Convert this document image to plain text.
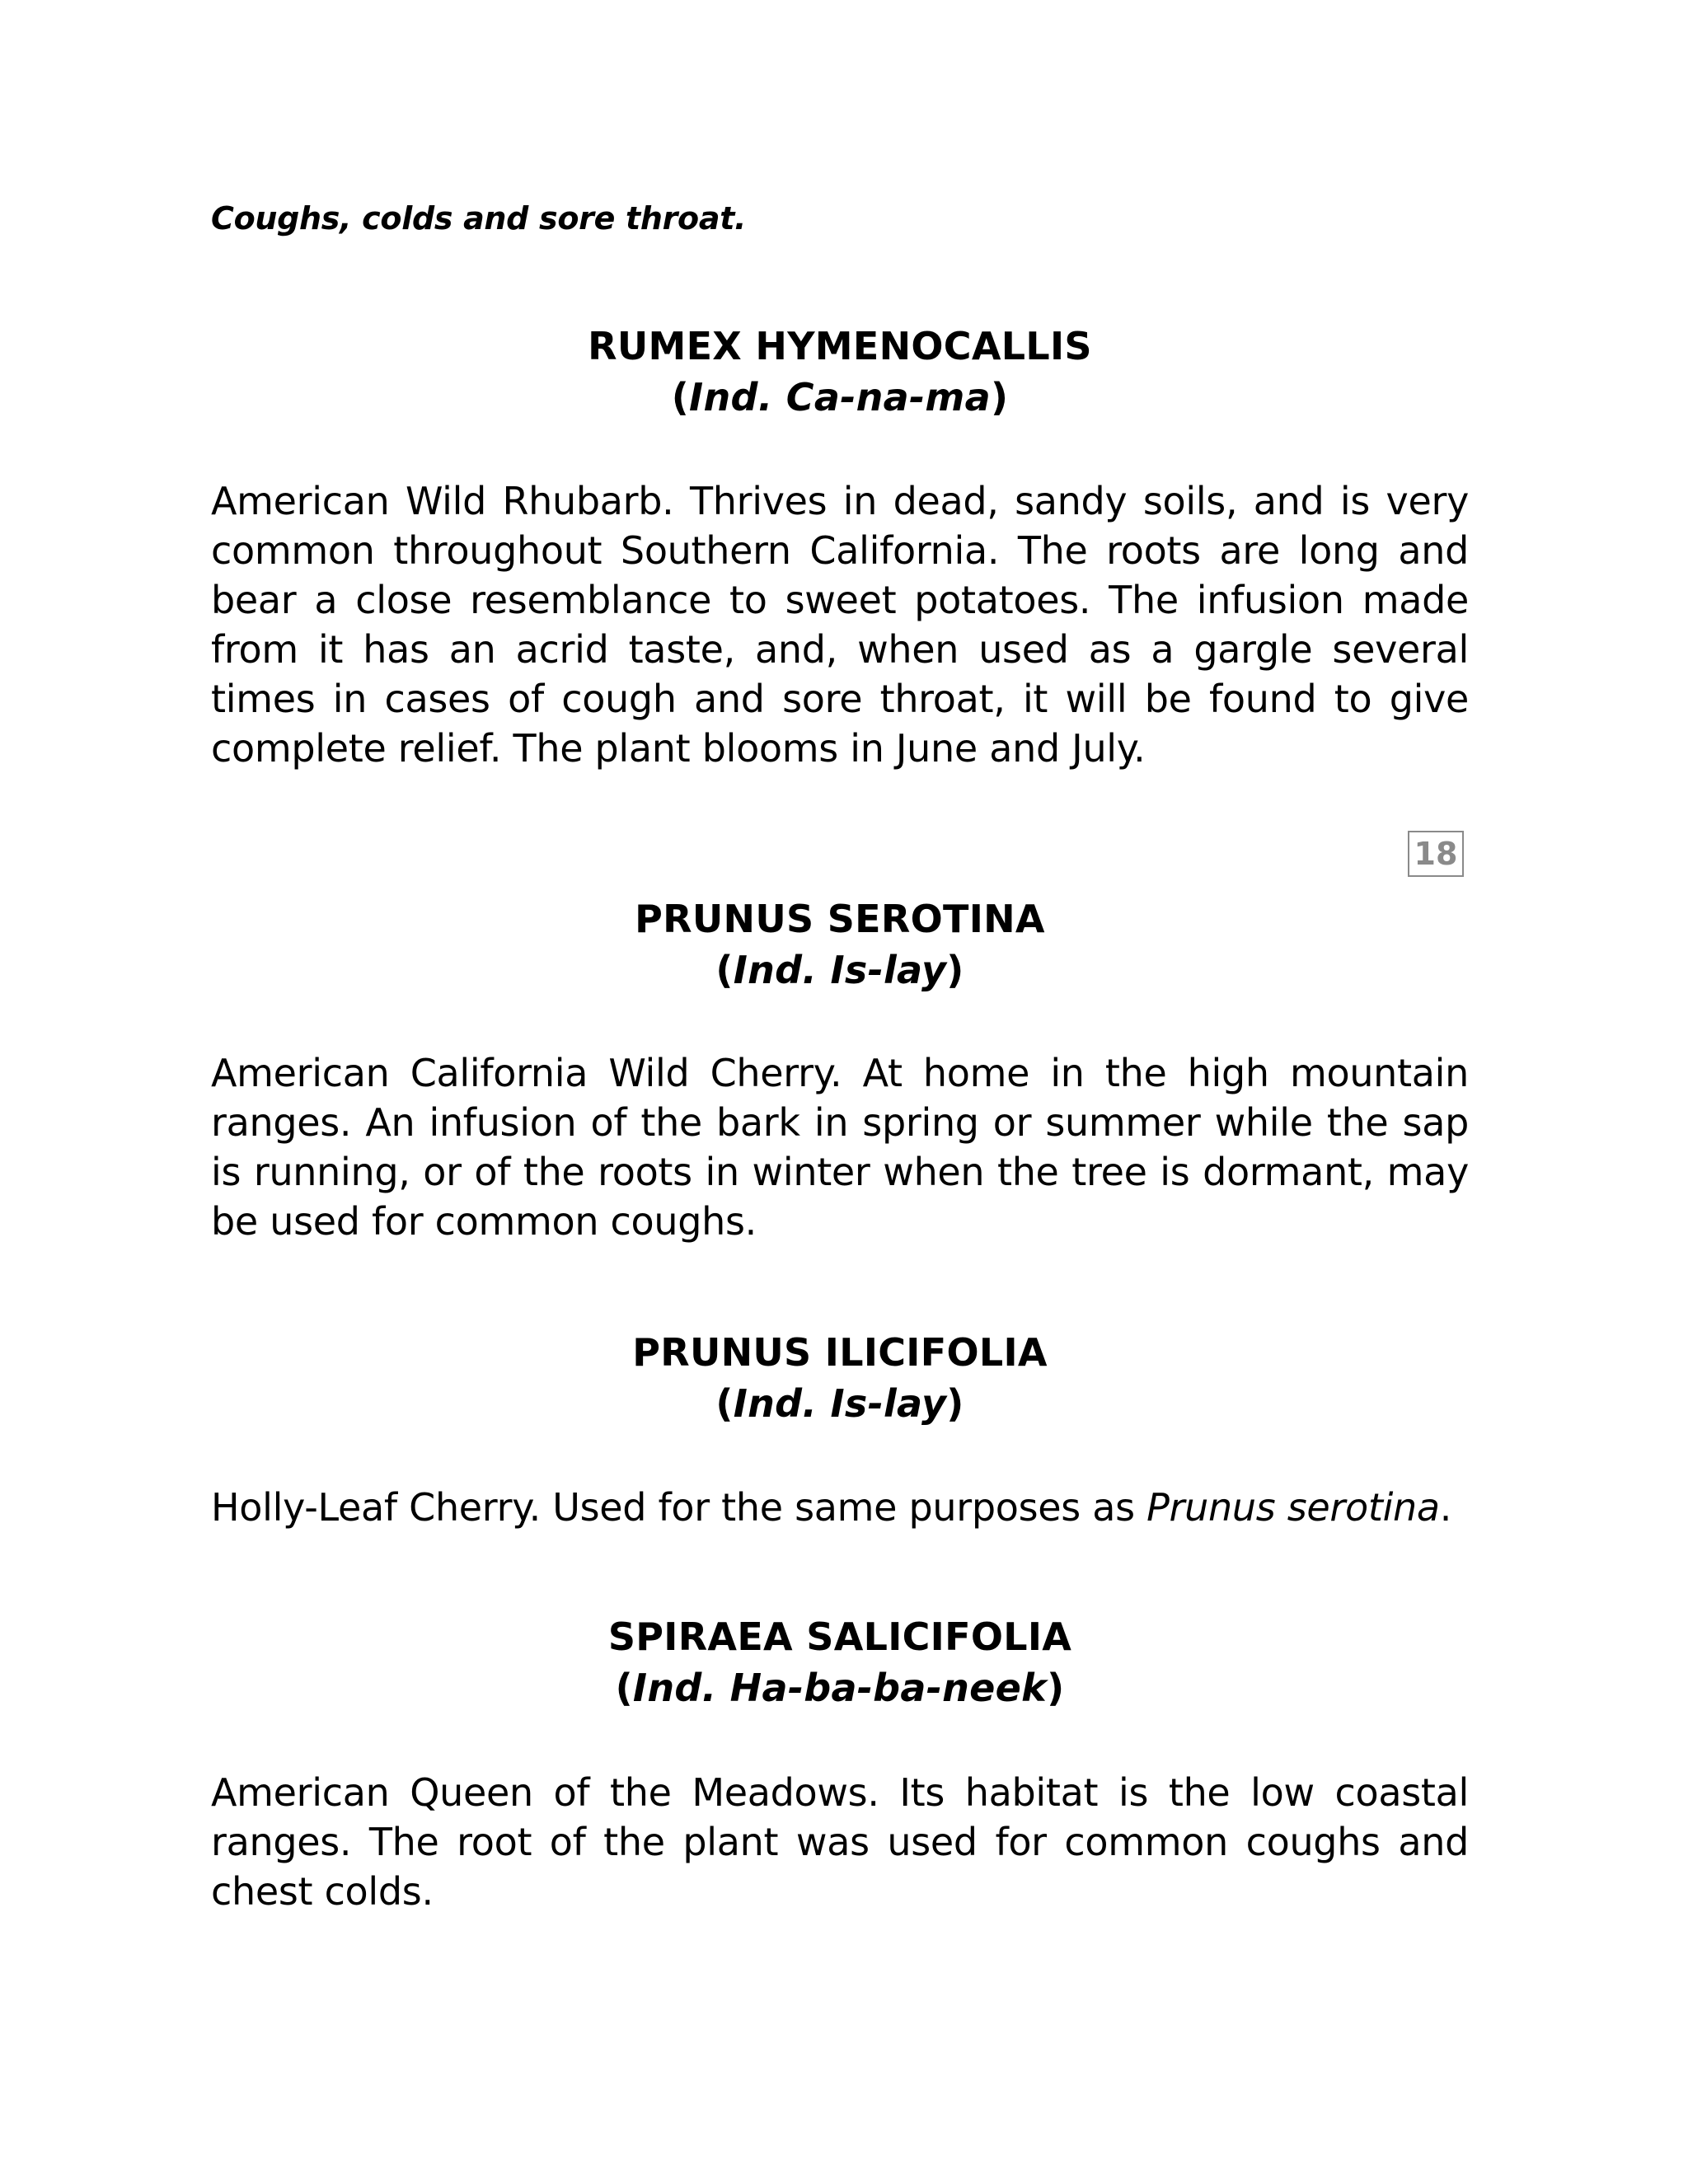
Coughs, colds and sore throat.
RUMEX HYMENOCALLIS
(Ind. Ca-na-ma)
American Wild Rhubarb. Thrives in dead, sandy soils, and is very common throughout Southern California. The roots are long and bear a close resemblance to sweet potatoes. The infusion made from it has an acrid taste, and, when used as a gargle several times in cases of cough and sore throat, it will be found to give complete relief. The plant blooms in June and July.
18
PRUNUS SEROTINA
(Ind. Is-lay)
American California Wild Cherry. At home in the high mountain ranges. An infusion of the bark in spring or summer while the sap is running, or of the roots in winter when the tree is dormant, may be used for common coughs.
PRUNUS ILICIFOLIA
(Ind. Is-lay)
Holly-Leaf Cherry. Used for the same purposes as Prunus serotina.
SPIRAEA SALICIFOLIA
(Ind. Ha-ba-ba-neek)
American Queen of the Meadows. Its habitat is the low coastal ranges. The root of the plant was used for common coughs and chest colds.
